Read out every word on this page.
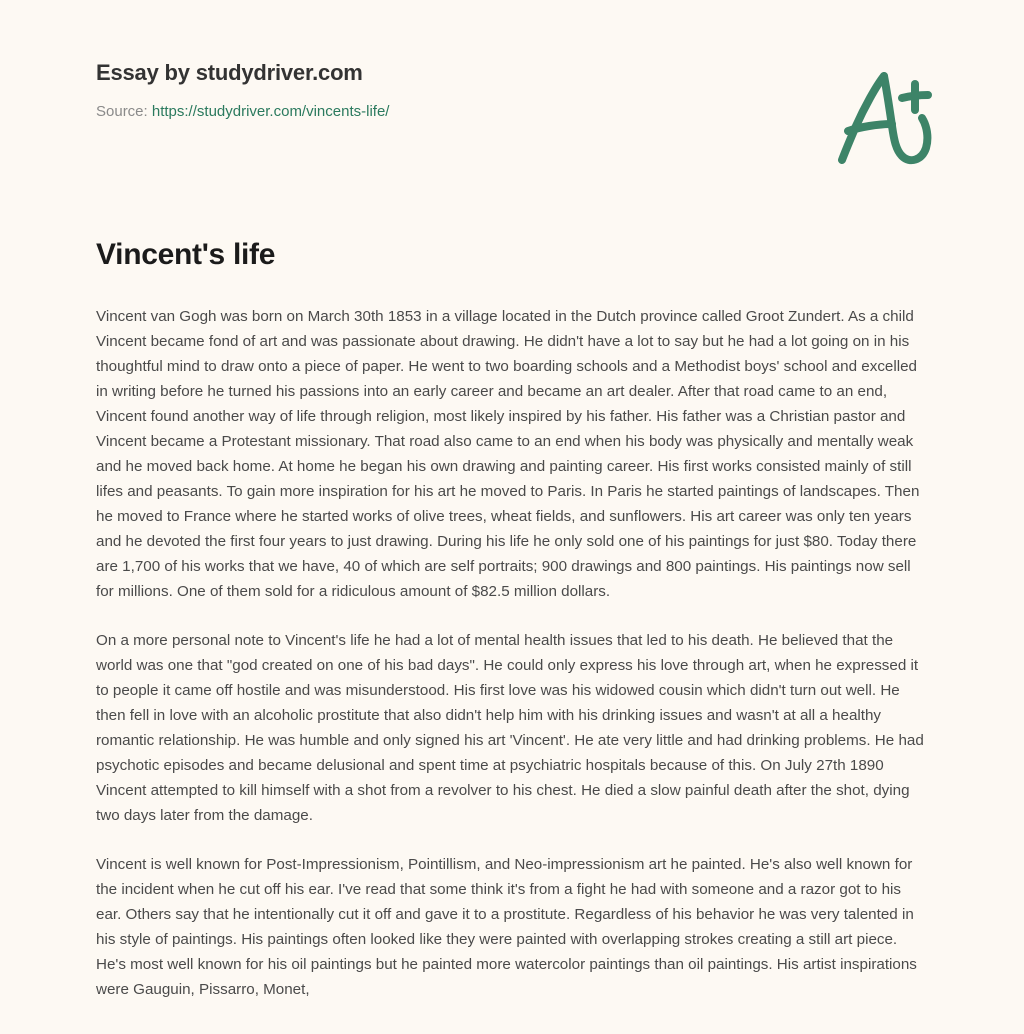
Essay by studydriver.com
Source: https://studydriver.com/vincents-life/
Vincent's life

Vincent van Gogh was born on March 30th 1853 in a village located in the Dutch province called Groot Zundert. As a child Vincent became fond of art and was passionate about drawing. He didn't have a lot to say but he had a lot going on in his thoughtful mind to draw onto a piece of paper. He went to two boarding schools and a Methodist boys' school and excelled in writing before he turned his passions into an early career and became an art dealer. After that road came to an end, Vincent found another way of life through religion, most likely inspired by his father. His father was a Christian pastor and Vincent became a Protestant missionary. That road also came to an end when his body was physically and mentally weak and he moved back home. At home he began his own drawing and painting career. His first works consisted mainly of still lifes and peasants. To gain more inspiration for his art he moved to Paris. In Paris he started paintings of landscapes. Then he moved to France where he started works of olive trees, wheat fields, and sunflowers. His art career was only ten years and he devoted the first four years to just drawing. During his life he only sold one of his paintings for just $80. Today there are 1,700 of his works that we have, 40 of which are self portraits; 900 drawings and 800 paintings. His paintings now sell for millions. One of them sold for a ridiculous amount of $82.5 million dollars.

On a more personal note to Vincent's life he had a lot of mental health issues that led to his death. He believed that the world was one that "god created on one of his bad days". He could only express his love through art, when he expressed it to people it came off hostile and was misunderstood. His first love was his widowed cousin which didn't turn out well. He then fell in love with an alcoholic prostitute that also didn't help him with his drinking issues and wasn't at all a healthy romantic relationship. He was humble and only signed his art 'Vincent'. He ate very little and had drinking problems. He had psychotic episodes and became delusional and spent time at psychiatric hospitals because of this. On July 27th 1890 Vincent attempted to kill himself with a shot from a revolver to his chest. He died a slow painful death after the shot, dying two days later from the damage.

Vincent is well known for Post-Impressionism, Pointillism, and Neo-impressionism art he painted. He's also well known for the incident when he cut off his ear. I've read that some think it's from a fight he had with someone and a razor got to his ear. Others say that he intentionally cut it off and gave it to a prostitute. Regardless of his behavior he was very talented in his style of paintings. His paintings often looked like they were painted with overlapping strokes creating a still art piece. He's most well known for his oil paintings but he painted more watercolor paintings than oil paintings. His artist inspirations were Gauguin, Pissarro, Monet,
